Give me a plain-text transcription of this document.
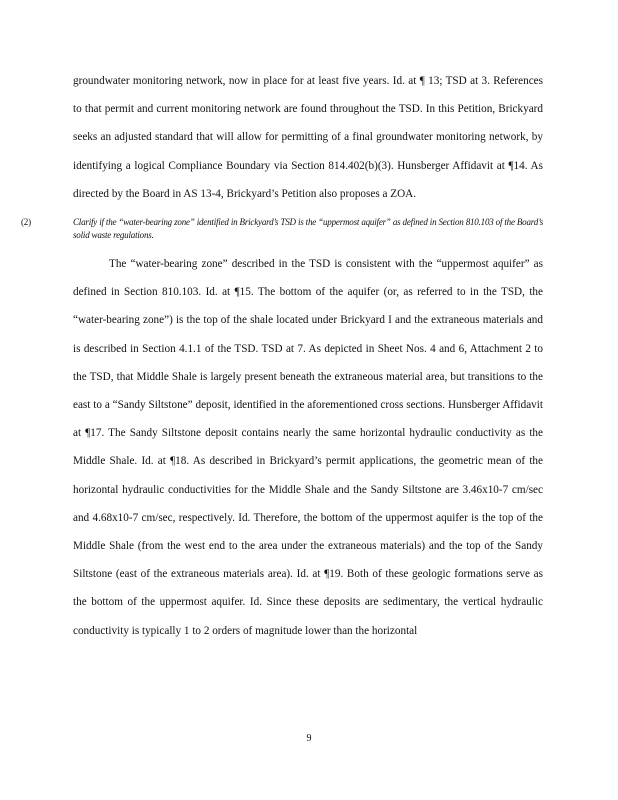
groundwater monitoring network, now in place for at least five years. Id. at ¶ 13; TSD at 3. References to that permit and current monitoring network are found throughout the TSD. In this Petition, Brickyard seeks an adjusted standard that will allow for permitting of a final groundwater monitoring network, by identifying a logical Compliance Boundary via Section 814.402(b)(3). Hunsberger Affidavit at ¶14. As directed by the Board in AS 13-4, Brickyard’s Petition also proposes a ZOA.

(2)	Clarify if the “water-bearing zone” identified in Brickyard’s TSD is the “uppermost aquifer” as defined in Section 810.103 of the Board’s solid waste regulations.

The “water-bearing zone” described in the TSD is consistent with the “uppermost aquifer” as defined in Section 810.103. Id. at ¶15. The bottom of the aquifer (or, as referred to in the TSD, the “water-bearing zone”) is the top of the shale located under Brickyard I and the extraneous materials and is described in Section 4.1.1 of the TSD. TSD at 7. As depicted in Sheet Nos. 4 and 6, Attachment 2 to the TSD, that Middle Shale is largely present beneath the extraneous material area, but transitions to the east to a “Sandy Siltstone” deposit, identified in the aforementioned cross sections. Hunsberger Affidavit at ¶17. The Sandy Siltstone deposit contains nearly the same horizontal hydraulic conductivity as the Middle Shale. Id. at ¶18. As described in Brickyard’s permit applications, the geometric mean of the horizontal hydraulic conductivities for the Middle Shale and the Sandy Siltstone are 3.46x10-7 cm/sec and 4.68x10-7 cm/sec, respectively. Id. Therefore, the bottom of the uppermost aquifer is the top of the Middle Shale (from the west end to the area under the extraneous materials) and the top of the Sandy Siltstone (east of the extraneous materials area). Id. at ¶19. Both of these geologic formations serve as the bottom of the uppermost aquifer. Id. Since these deposits are sedimentary, the vertical hydraulic conductivity is typically 1 to 2 orders of magnitude lower than the horizontal

9
